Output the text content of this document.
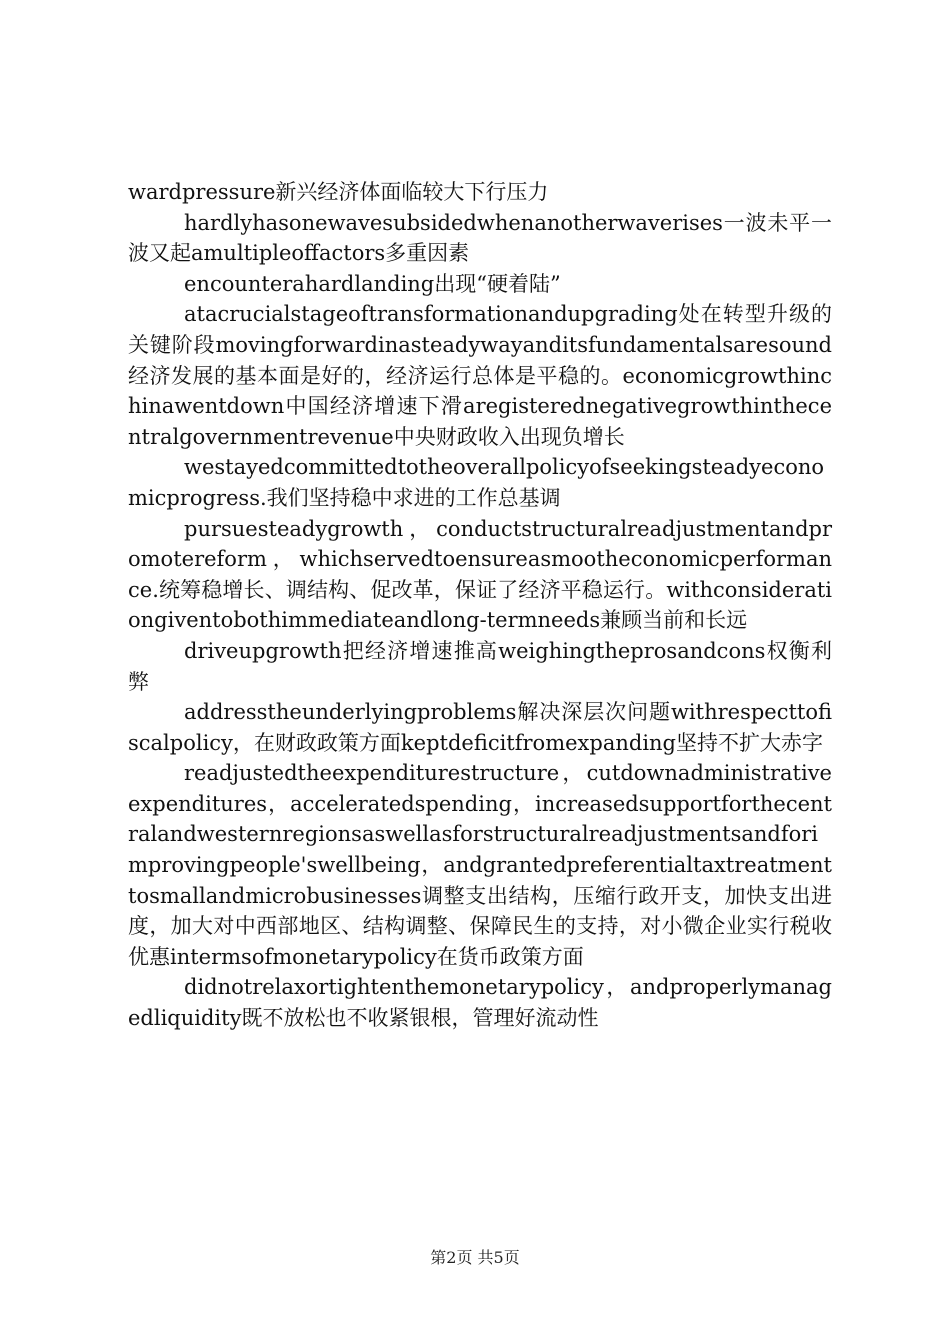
wardpressure新兴经济体面临较大下行压力

hardlyhasonewavesubsidedwhenanotherwaverises一波未平一波又起amultipleoffactors多重因素

encounterahardlanding出现“硬着陆”

atacrucialstageoftransformationandupgrading处在转型升级的关键阶段movingforwardinasteadywayanditsfundamentalsaresound经济发展的基本面是好的，经济运行总体是平稳的。economicgrowthinchinawentdown中国经济增速下滑aregisterednegativegrowthinthecentralgovernmentrevenue中央财政收入出现负增长

westayedcommittedtotheoverallpolicyofseekingsteadyeconomicprogress.我们坚持稳中求进的工作总基调

pursuesteadygrowth，conductstructuralreadjustmentandpromotereform，whichservedtoensureasmootheconomicperformance.统筹稳增长、调结构、促改革，保证了经济平稳运行。withconsiderationgiventobothimmediateandlong-termneeds兼顾当前和长远

driveupgrowth把经济增速推高weighingtheprosandcons权衡利弊

addresstheunderlyingproblems解决深层次问题withrespecttofiscalpolicy，在财政政策方面keptdeficitfromexpanding坚持不扩大赤字

readjustedtheexpenditurestructure，cutdownadministrativeexpenditures，acceleratedspending，increasedsupportforthecentralandwesternregionsaswellasforstructuralreadjustmentsandforimprovingpeople'swellbeing，andgrantedpreferentialtaxtreatmenttosmallandmicrobusinesses调整支出结构，压缩行政开支，加快支出进度，加大对中西部地区、结构调整、保障民生的支持，对小微企业实行税收优惠intermsofmonetarypolicy在货币政策方面

didnotrelaxortightenthemonetarypolicy，andproperlymanagedliquidity既不放松也不收紧银根，管理好流动性

第2页 共5页
